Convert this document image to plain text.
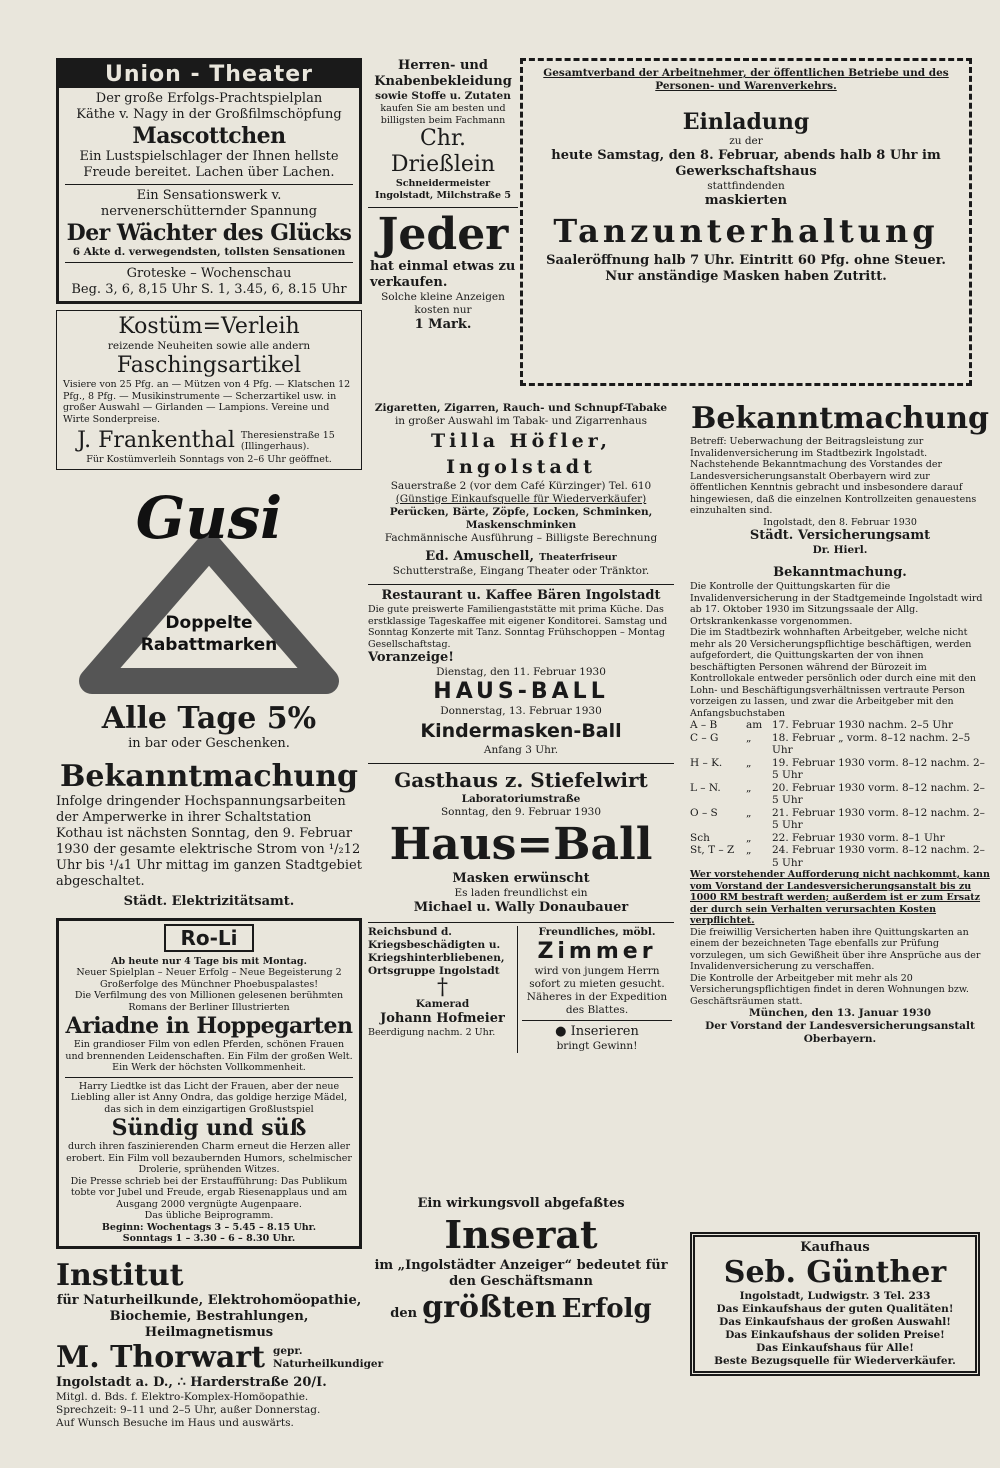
Union - Theater
Der große Erfolgs-Prachtspielplan
Käthe v. Nagy in der Großfilmschöpfung
Mascottchen
Ein Lustspielschlager der Ihnen hellste Freude bereitet. Lachen über Lachen.
Ein Sensationswerk v. nervenerschütternder Spannung
Der Wächter des Glücks
6 Akte d. verwegendsten, tollsten Sensationen
Groteske – Wochenschau
Beg. 3, 6, 8,15 Uhr S. 1, 3.45, 6, 8.15 Uhr
Kostüm=Verleih
reizende Neuheiten sowie alle andern
Faschingsartikel
Visiere von 25 Pfg. an — Mützen von 4 Pfg. — Klatschen 12 Pfg., 8 Pfg. — Musikinstrumente — Scherzartikel usw. in großer Auswahl — Girlanden — Lampions. Vereine und Wirte Sonderpreise.
J. Frankenthal Theresienstraße 15 (Illingerhaus).
Für Kostümverleih Sonntags von 2–6 Uhr geöffnet.
Gusi
Doppelte
Rabattmarken
Alle Tage 5%
in bar oder Geschenken.
Bekanntmachung
Infolge dringender Hochspannungsarbeiten der Amperwerke in ihrer Schaltstation Kothau ist nächsten Sonntag, den 9. Februar 1930 der gesamte elektrische Strom von ¹/₂12 Uhr bis ¹/₄1 Uhr mittag im ganzen Stadtgebiet abgeschaltet.
Städt. Elektrizitätsamt.
Ro-Li
Ab heute nur 4 Tage bis mit Montag.
Neuer Spielplan – Neuer Erfolg – Neue Begeisterung 2 Großerfolge des Münchner Phoebuspalastes!
Die Verfilmung des von Millionen gelesenen berühmten Romans der Berliner Illustrierten
Ariadne in Hoppegarten
Ein grandioser Film von edlen Pferden, schönen Frauen und brennenden Leidenschaften. Ein Film der großen Welt. Ein Werk der höchsten Vollkommenheit.
Harry Liedtke ist das Licht der Frauen, aber der neue Liebling aller ist Anny Ondra, das goldige herzige Mädel, das sich in dem einzigartigen Großlustspiel
Sündig und süß
durch ihren faszinierenden Charm erneut die Herzen aller erobert. Ein Film voll bezaubernden Humors, schelmischer Drolerie, sprühenden Witzes.
Die Presse schrieb bei der Erstaufführung: Das Publikum tobte vor Jubel und Freude, ergab Riesenapplaus und am Ausgang 2000 vergnügte Augenpaare.
Das übliche Beiprogramm.
Beginn: Wochentags 3 – 5.45 – 8.15 Uhr.
Sonntags 1 – 3.30 – 6 – 8.30 Uhr.
Institut
für Naturheilkunde, Elektrohomöopathie, Biochemie, Bestrahlungen, Heilmagnetismus
M. Thorwart gepr. Naturheilkundiger
Ingolstadt a. D., ∴ Harderstraße 20/I.
Mitgl. d. Bds. f. Elektro-Komplex-Homöopathie.
Sprechzeit: 9–11 und 2–5 Uhr, außer Donnerstag.
Auf Wunsch Besuche im Haus und auswärts.
Herren- und
Knabenbekleidung
sowie Stoffe u. Zutaten
kaufen Sie am besten und billigsten beim Fachmann
Chr. Drießlein
Schneidermeister
Ingolstadt, Milchstraße 5
Jeder
hat einmal etwas zu verkaufen.
Solche kleine Anzeigen kosten nur
1 Mark.
Zigaretten, Zigarren, Rauch- und Schnupf-Tabake
in großer Auswahl im Tabak- und Zigarrenhaus
Tilla Höfler, Ingolstadt
Sauerstraße 2 (vor dem Café Kürzinger) Tel. 610
(Günstige Einkaufsquelle für Wiederverkäufer)
Perücken, Bärte, Zöpfe, Locken, Schminken, Maskenschminken
Fachmännische Ausführung – Billigste Berechnung
Ed. Amuschell, Theaterfriseur
Schutterstraße, Eingang Theater oder Tränktor.
Restaurant u. Kaffee Bären Ingolstadt
Die gute preiswerte Familiengaststätte mit prima Küche. Das erstklassige Tageskaffee mit eigener Konditorei. Samstag und Sonntag Konzerte mit Tanz. Sonntag Frühschoppen – Montag Gesellschaftstag.
Voranzeige!
Dienstag, den 11. Februar 1930
HAUS-BALL
Donnerstag, 13. Februar 1930
Kindermasken-Ball
Anfang 3 Uhr.
Gasthaus z. Stiefelwirt
Laboratoriumstraße
Sonntag, den 9. Februar 1930
Haus=Ball
Masken erwünscht
Es laden freundlichst ein
Michael u. Wally Donaubauer
Reichsbund d. Kriegsbeschädigten u. Kriegshinterbliebenen,
Ortsgruppe Ingolstadt
†
Kamerad
Johann Hofmeier
Beerdigung nachm. 2 Uhr.
Freundliches, möbl.
Zimmer
wird von jungem Herrn sofort zu mieten gesucht.
Näheres in der Expedition des Blattes.
● Inserieren
bringt Gewinn!
Gesamtverband der Arbeitnehmer, der öffentlichen Betriebe und des Personen- und Warenverkehrs.
Einladung
zu der
heute Samstag, den 8. Februar, abends halb 8 Uhr im Gewerkschaftshaus
stattfindenden
maskierten
Tanzunterhaltung
Saaleröffnung halb 7 Uhr. Eintritt 60 Pfg. ohne Steuer.
Nur anständige Masken haben Zutritt.
Bekanntmachung
Betreff: Ueberwachung der Beitragsleistung zur Invalidenversicherung im Stadtbezirk Ingolstadt.
Nachstehende Bekanntmachung des Vorstandes der Landesversicherungsanstalt Oberbayern wird zur öffentlichen Kenntnis gebracht und insbesondere darauf hingewiesen, daß die einzelnen Kontrollzeiten genauestens einzuhalten sind.
Ingolstadt, den 8. Februar 1930
Städt. Versicherungsamt
Dr. Hierl.
Bekanntmachung.
Die Kontrolle der Quittungskarten für die Invalidenversicherung in der Stadtgemeinde Ingolstadt wird ab 17. Oktober 1930 im Sitzungssaale der Allg. Ortskrankenkasse vorgenommen.
Die im Stadtbezirk wohnhaften Arbeitgeber, welche nicht mehr als 20 Versicherungspflichtige beschäftigen, werden aufgefordert, die Quittungskarten der von ihnen beschäftigten Personen während der Bürozeit im Kontrollokale entweder persönlich oder durch eine mit den Lohn- und Beschäftigungsverhältnissen vertraute Person vorzeigen zu lassen, und zwar die Arbeitgeber mit den Anfangsbuchstaben
A – B	am 17. Februar 1930 nachm. 2–5 Uhr
C – G	„	18. Februar „ vorm. 8–12 nachm. 2–5 Uhr
H – K.	„	19. Februar 1930 vorm. 8–12 nachm. 2–5 Uhr
L – N.	„	20. Februar 1930 vorm. 8–12 nachm. 2–5 Uhr
O – S	„	21. Februar 1930 vorm. 8–12 nachm. 2–5 Uhr
Sch	„	22. Februar 1930 vorm. 8–1 Uhr
St, T – Z	„	24. Februar 1930 vorm. 8–12 nachm. 2–5 Uhr
Wer vorstehender Aufforderung nicht nachkommt, kann vom Vorstand der Landesversicherungsanstalt bis zu 1000 RM bestraft werden; außerdem ist er zum Ersatz der durch sein Verhalten verursachten Kosten verpflichtet.
Die freiwillig Versicherten haben ihre Quittungskarten an einem der bezeichneten Tage ebenfalls zur Prüfung vorzulegen, um sich Gewißheit über ihre Ansprüche aus der Invalidenversicherung zu verschaffen.
Die Kontrolle der Arbeitgeber mit mehr als 20 Versicherungspflichtigen findet in deren Wohnungen bzw. Geschäftsräumen statt.
München, den 13. Januar 1930
Der Vorstand der Landesversicherungsanstalt Oberbayern.
Ein wirkungsvoll abgefaßtes
Inserat
im „Ingolstädter Anzeiger“ bedeutet für den Geschäftsmann
den größten Erfolg
Kaufhaus
Seb. Günther
Ingolstadt, Ludwigstr. 3 Tel. 233
Das Einkaufshaus der guten Qualitäten!
Das Einkaufshaus der großen Auswahl!
Das Einkaufshaus der soliden Preise!
Das Einkaufshaus für Alle!
Beste Bezugsquelle für Wiederverkäufer.
